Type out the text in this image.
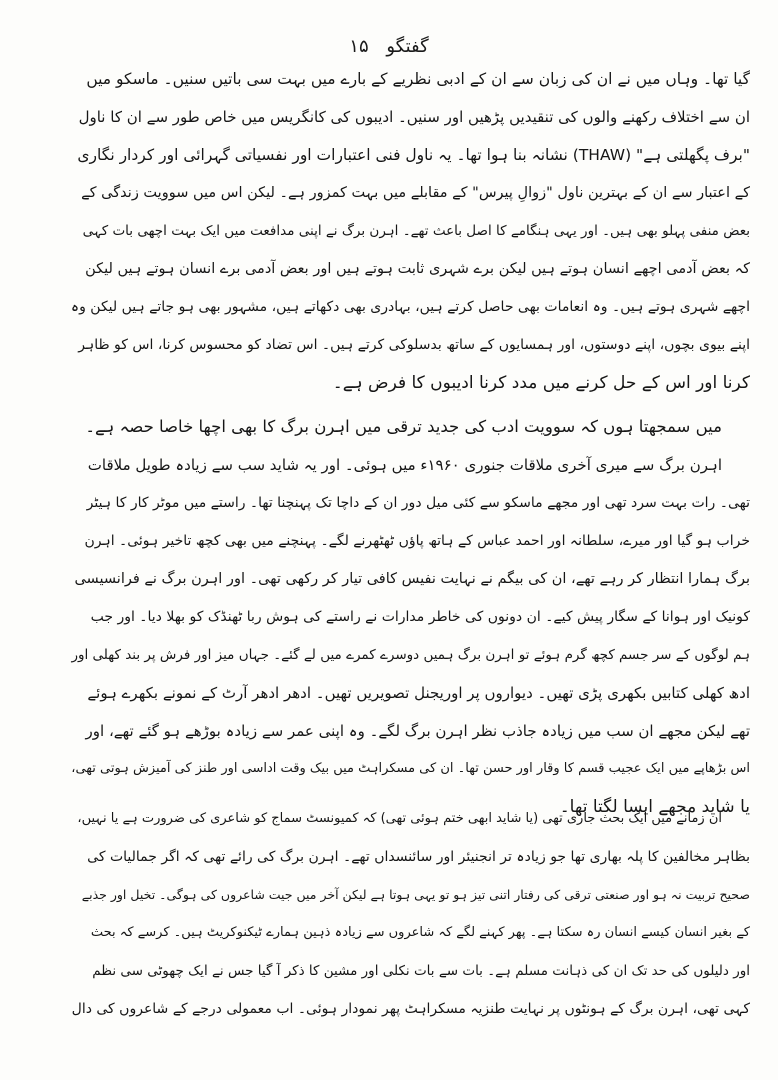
گفتگو ۱۵
گیا تھا۔ وہاں میں نے ان کی زبان سے ان کے ادبی نظریے کے بارے میں بہت سی باتیں سنیں۔ ماسکو میں
ان سے اختلاف رکھنے والوں کی تنقیدیں پڑھیں اور سنیں۔ ادیبوں کی کانگریس میں خاص طور سے ان کا ناول
"برف پگھلتی ہے" (THAW) نشانہ بنا ہوا تھا۔ یہ ناول فنی اعتبارات اور نفسیاتی گہرائی اور کردار نگاری
کے اعتبار سے ان کے بہترین ناول "زوالِ پیرس" کے مقابلے میں بہت کمزور ہے۔ لیکن اس میں سوویت زندگی کے
بعض منفی پہلو بھی ہیں۔ اور یہی ہنگامے کا اصل باعث تھے۔ اہرن برگ نے اپنی مدافعت میں ایک بہت اچھی بات کہی
کہ بعض آدمی اچھے انسان ہوتے ہیں لیکن برے شہری ثابت ہوتے ہیں اور بعض آدمی برے انسان ہوتے ہیں لیکن
اچھے شہری ہوتے ہیں۔ وہ انعامات بھی حاصل کرتے ہیں، بہادری بھی دکھاتے ہیں، مشہور بھی ہو جاتے ہیں لیکن وہ
اپنے بیوی بچوں، اپنے دوستوں، اور ہمسایوں کے ساتھ بدسلوکی کرتے ہیں۔ اس تضاد کو محسوس کرنا، اس کو ظاہر
کرنا اور اس کے حل کرنے میں مدد کرنا ادیبوں کا فرض ہے۔
میں سمجھتا ہوں کہ سوویت ادب کی جدید ترقی میں اہرن برگ کا بھی اچھا خاصا حصہ ہے۔
اہرن برگ سے میری آخری ملاقات جنوری ۱۹۶۰ء میں ہوئی۔ اور یہ شاید سب سے زیادہ طویل ملاقات
تھی۔ رات بہت سرد تھی اور مجھے ماسکو سے کئی میل دور ان کے داچا تک پہنچنا تھا۔ راستے میں موٹر کار کا ہیٹر
خراب ہو گیا اور میرے، سلطانہ اور احمد عباس کے ہاتھ پاؤں ٹھٹھرنے لگے۔ پہنچنے میں بھی کچھ تاخیر ہوئی۔ اہرن
برگ ہمارا انتظار کر رہے تھے، ان کی بیگم نے نہایت نفیس کافی تیار کر رکھی تھی۔ اور اہرن برگ نے فرانسیسی
کونیک اور ہوانا کے سگار پیش کیے۔ ان دونوں کی خاطر مدارات نے راستے کی ہوش ربا ٹھنڈک کو بھلا دیا۔ اور جب
ہم لوگوں کے سر جسم کچھ گرم ہوئے تو اہرن برگ ہمیں دوسرے کمرے میں لے گئے۔ جہاں میز اور فرش پر بند کھلی اور
ادھ کھلی کتابیں بکھری پڑی تھیں۔ دیواروں پر اوریجنل تصویریں تھیں۔ ادھر ادھر آرٹ کے نمونے بکھرے ہوئے
تھے لیکن مجھے ان سب میں زیادہ جاذب نظر اہرن برگ لگے۔ وہ اپنی عمر سے زیادہ بوڑھے ہو گئے تھے، اور
اس بڑھاپے میں ایک عجیب قسم کا وقار اور حسن تھا۔ ان کی مسکراہٹ میں بیک وقت اداسی اور طنز کی آمیزش ہوتی تھی،
یا شاید مجھے ایسا لگتا تھا۔
ان زمانے میں ایک بحث جاری تھی (یا شاید ابھی ختم ہوئی تھی) کہ کمیونسٹ سماج کو شاعری کی ضرورت ہے یا نہیں،
بظاہر مخالفین کا پلہ بھاری تھا جو زیادہ تر انجنیئر اور سائنسداں تھے۔ اہرن برگ کی رائے تھی کہ اگر جمالیات کی
صحیح تربیت نہ ہو اور صنعتی ترقی کی رفتار اتنی تیز ہو تو یہی ہوتا ہے لیکن آخر میں جیت شاعروں کی ہوگی۔ تخیل اور جذبے
کے بغیر انسان کیسے انسان رہ سکتا ہے۔ پھر کہنے لگے کہ شاعروں سے زیادہ ذہین ہمارے ٹیکنوکریٹ ہیں۔ کرسے کہ بحث
اور دلیلوں کی حد تک ان کی ذہانت مسلم ہے۔ بات سے بات نکلی اور مشین کا ذکر آ گیا جس نے ایک چھوٹی سی نظم
کہی تھی، اہرن برگ کے ہونٹوں پر نہایت طنزیہ مسکراہٹ پھر نمودار ہوئی۔ اب معمولی درجے کے شاعروں کی دال
